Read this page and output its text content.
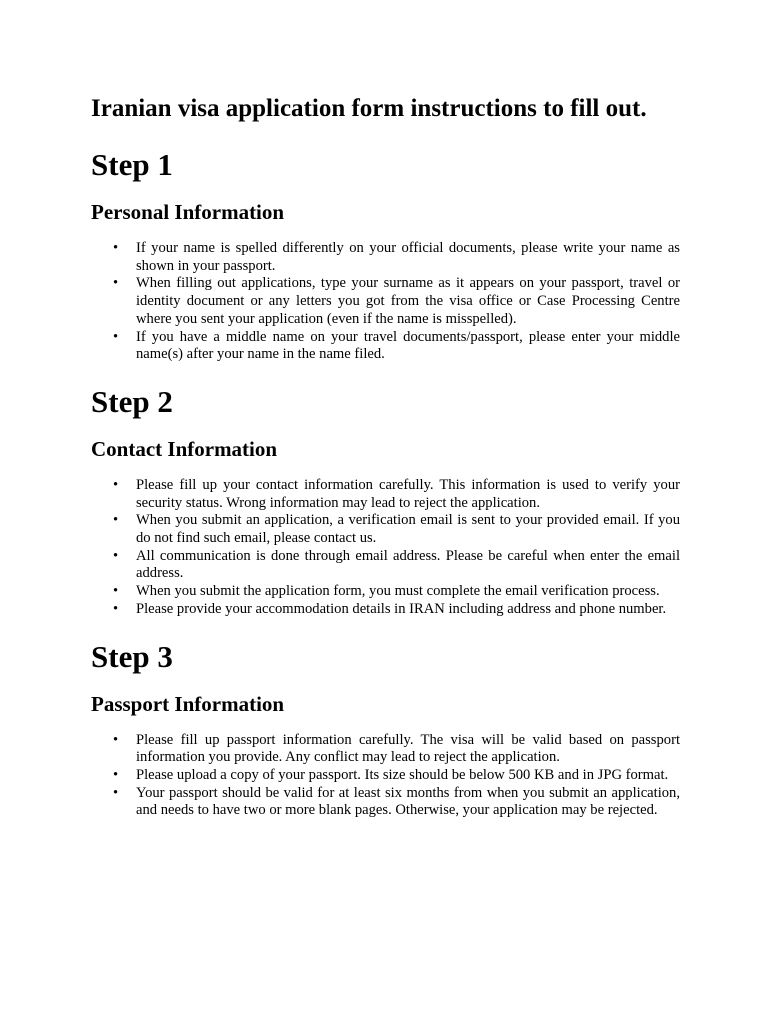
Iranian visa application form instructions to fill out.
Step 1
Personal Information
• If your name is spelled differently on your official documents, please write your name as shown in your passport.
• When filling out applications, type your surname as it appears on your passport, travel or identity document or any letters you got from the visa office or Case Processing Centre where you sent your application (even if the name is misspelled).
• If you have a middle name on your travel documents/passport, please enter your middle name(s) after your name in the name filed.
Step 2
Contact Information
• Please fill up your contact information carefully. This information is used to verify your security status. Wrong information may lead to reject the application.
• When you submit an application, a verification email is sent to your provided email. If you do not find such email, please contact us.
• All communication is done through email address. Please be careful when enter the email address.
• When you submit the application form, you must complete the email verification process.
• Please provide your accommodation details in IRAN including address and phone number.
Step 3
Passport Information
• Please fill up passport information carefully. The visa will be valid based on passport information you provide. Any conflict may lead to reject the application.
• Please upload a copy of your passport. Its size should be below 500 KB and in JPG format.
• Your passport should be valid for at least six months from when you submit an application, and needs to have two or more blank pages. Otherwise, your application may be rejected.
